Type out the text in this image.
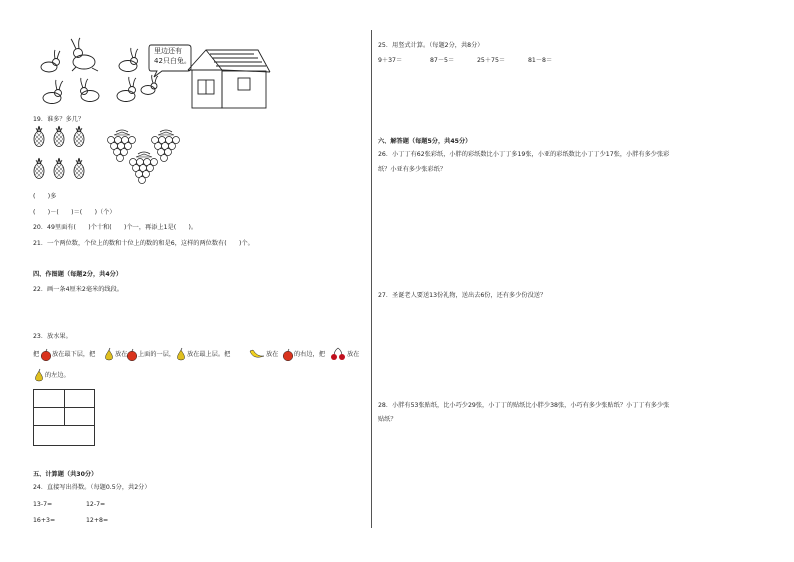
里边还有
42只白兔。
19．谁多？多几？
(　　)多
(　　)－(　　)＝(　　)（个）
20．49里面有(　　)个十和(　　)个一，再添上1是(　　)。
21．一个两位数，个位上的数和十位上的数的和是6，这样的两位数有(　　)个。
四、作图题（每题2分，共4分）
22．画一条4厘米2毫米的线段。
23．放水果。
把 放在最下层，把	放在 上面的一层， 放在最上层。把	放在	的右边，把	放在
的左边。
五、计算题（共30分）
24．直接写出得数。（每题0.5分，共2分）
13-7=	12-7=
16+3=	12+8=
25．用竖式计算。（每题2分，共8分）
9＋37＝	87－5＝	25＋75＝	81－8＝
六、解答题（每题5分，共45分）
26．小丁丁有62张彩纸，小胖的彩纸数比小丁丁多19张，小亚的彩纸数比小丁丁少17张，小胖有多少张彩
纸？小亚有多少张彩纸？
27．圣诞老人要送13份礼物，送出去6份，还有多少份没送？
28．小胖有53张贴纸，比小巧少29张，小丁丁的贴纸比小胖少38张，小巧有多少张贴纸？小丁丁有多少张
贴纸？
